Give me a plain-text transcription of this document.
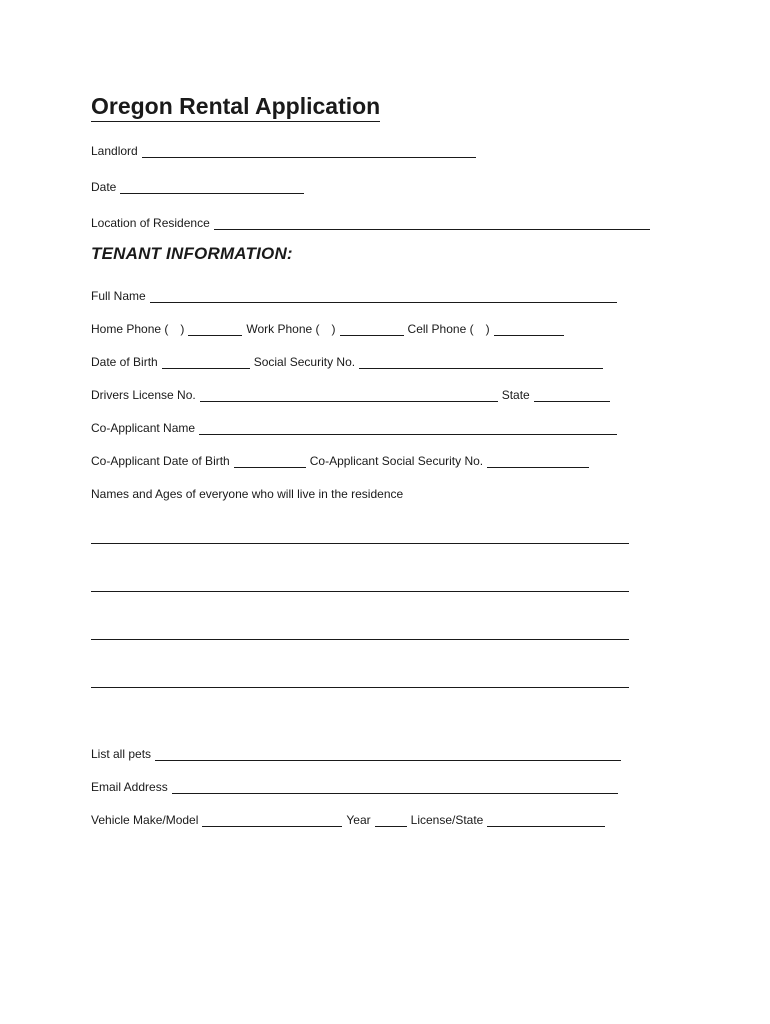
Oregon Rental Application
Landlord
Date
Location of Residence
TENANT INFORMATION:
Full Name
Home Phone ( )	Work Phone ( )	Cell Phone ( )
Date of Birth	Social Security No.
Drivers License No.	State
Co-Applicant Name
Co-Applicant Date of Birth	Co-Applicant Social Security No.
Names and Ages of everyone who will live in the residence
List all pets
Email Address
Vehicle Make/Model	Year	License/State
